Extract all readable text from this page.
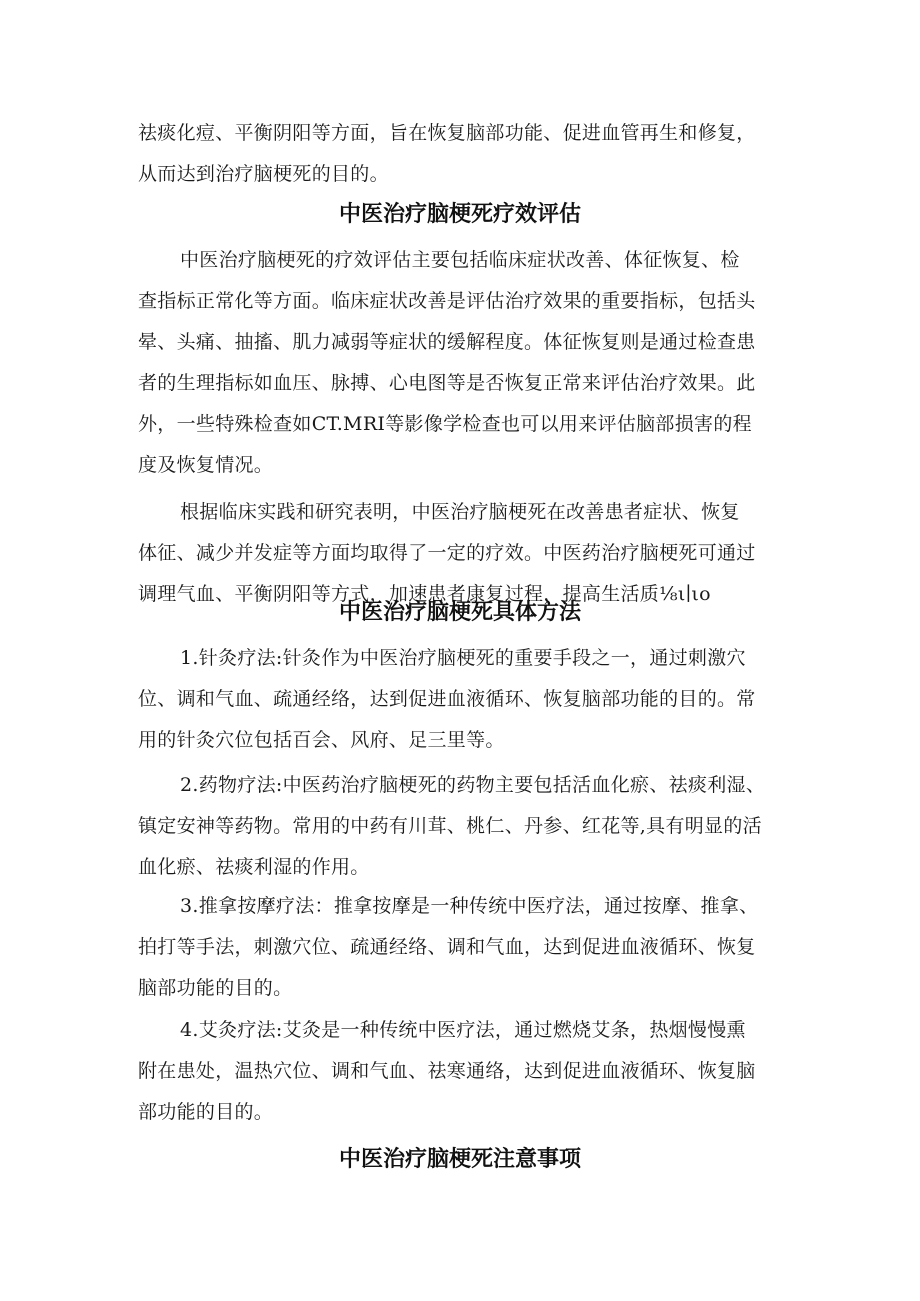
祛痰化痘、平衡阴阳等方面，旨在恢复脑部功能、促进血管再生和修复，
从而达到治疗脑梗死的目的。

中医治疗脑梗死疗效评估

中医治疗脑梗死的疗效评估主要包括临床症状改善、体征恢复、检
查指标正常化等方面。临床症状改善是评估治疗效果的重要指标，包括头
晕、头痛、抽搐、肌力减弱等症状的缓解程度。体征恢复则是通过检查患
者的生理指标如血压、脉搏、心电图等是否恢复正常来评估治疗效果。此
外，一些特殊检查如CT.MRI等影像学检查也可以用来评估脑部损害的程
度及恢复情况。

根据临床实践和研究表明，中医治疗脑梗死在改善患者症状、恢复
体征、减少并发症等方面均取得了一定的疗效。中医药治疗脑梗死可通过
调理气血、平衡阴阳等方式，加速患者康复过程，提高生活质⅛ι∣ιo

中医治疗脑梗死具体方法

1.针灸疗法:针灸作为中医治疗脑梗死的重要手段之一，通过刺激穴
位、调和气血、疏通经络，达到促进血液循环、恢复脑部功能的目的。常
用的针灸穴位包括百会、风府、足三里等。

2.药物疗法:中医药治疗脑梗死的药物主要包括活血化瘀、祛痰利湿、
镇定安神等药物。常用的中药有川茸、桃仁、丹参、红花等,具有明显的活
血化瘀、祛痰利湿的作用。

3.推拿按摩疗法：推拿按摩是一种传统中医疗法，通过按摩、推拿、
拍打等手法，刺激穴位、疏通经络、调和气血，达到促进血液循环、恢复
脑部功能的目的。

4.艾灸疗法:艾灸是一种传统中医疗法，通过燃烧艾条，热烟慢慢熏
附在患处，温热穴位、调和气血、祛寒通络，达到促进血液循环、恢复脑
部功能的目的。

中医治疗脑梗死注意事项
